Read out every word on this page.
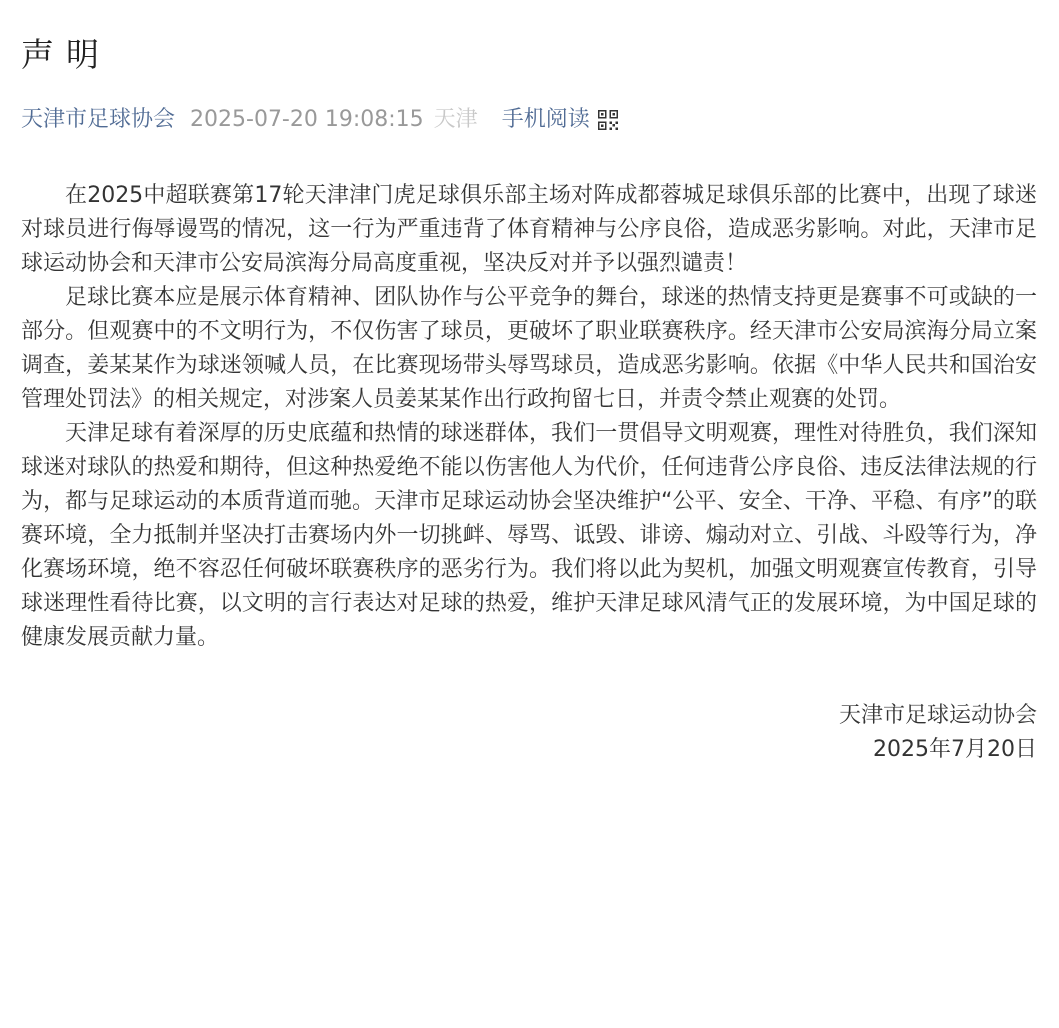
声明
天津市足球协会 2025-07-20 19:08:15 天津 手机阅读

在2025中超联赛第17轮天津津门虎足球俱乐部主场对阵成都蓉城足球俱乐部的比赛中，出现了球迷对球员进行侮辱谩骂的情况，这一行为严重违背了体育精神与公序良俗，造成恶劣影响。对此，天津市足球运动协会和天津市公安局滨海分局高度重视，坚决反对并予以强烈谴责！

足球比赛本应是展示体育精神、团队协作与公平竞争的舞台，球迷的热情支持更是赛事不可或缺的一部分。但观赛中的不文明行为，不仅伤害了球员，更破坏了职业联赛秩序。经天津市公安局滨海分局立案调查，姜某某作为球迷领喊人员，在比赛现场带头辱骂球员，造成恶劣影响。依据《中华人民共和国治安管理处罚法》的相关规定，对涉案人员姜某某作出行政拘留七日，并责令禁止观赛的处罚。

天津足球有着深厚的历史底蕴和热情的球迷群体，我们一贯倡导文明观赛，理性对待胜负，我们深知球迷对球队的热爱和期待，但这种热爱绝不能以伤害他人为代价，任何违背公序良俗、违反法律法规的行为，都与足球运动的本质背道而驰。天津市足球运动协会坚决维护“公平、安全、干净、平稳、有序”的联赛环境，全力抵制并坚决打击赛场内外一切挑衅、辱骂、诋毁、诽谤、煽动对立、引战、斗殴等行为，净化赛场环境，绝不容忍任何破坏联赛秩序的恶劣行为。我们将以此为契机，加强文明观赛宣传教育，引导球迷理性看待比赛，以文明的言行表达对足球的热爱，维护天津足球风清气正的发展环境，为中国足球的健康发展贡献力量。

天津市足球运动协会
2025年7月20日
